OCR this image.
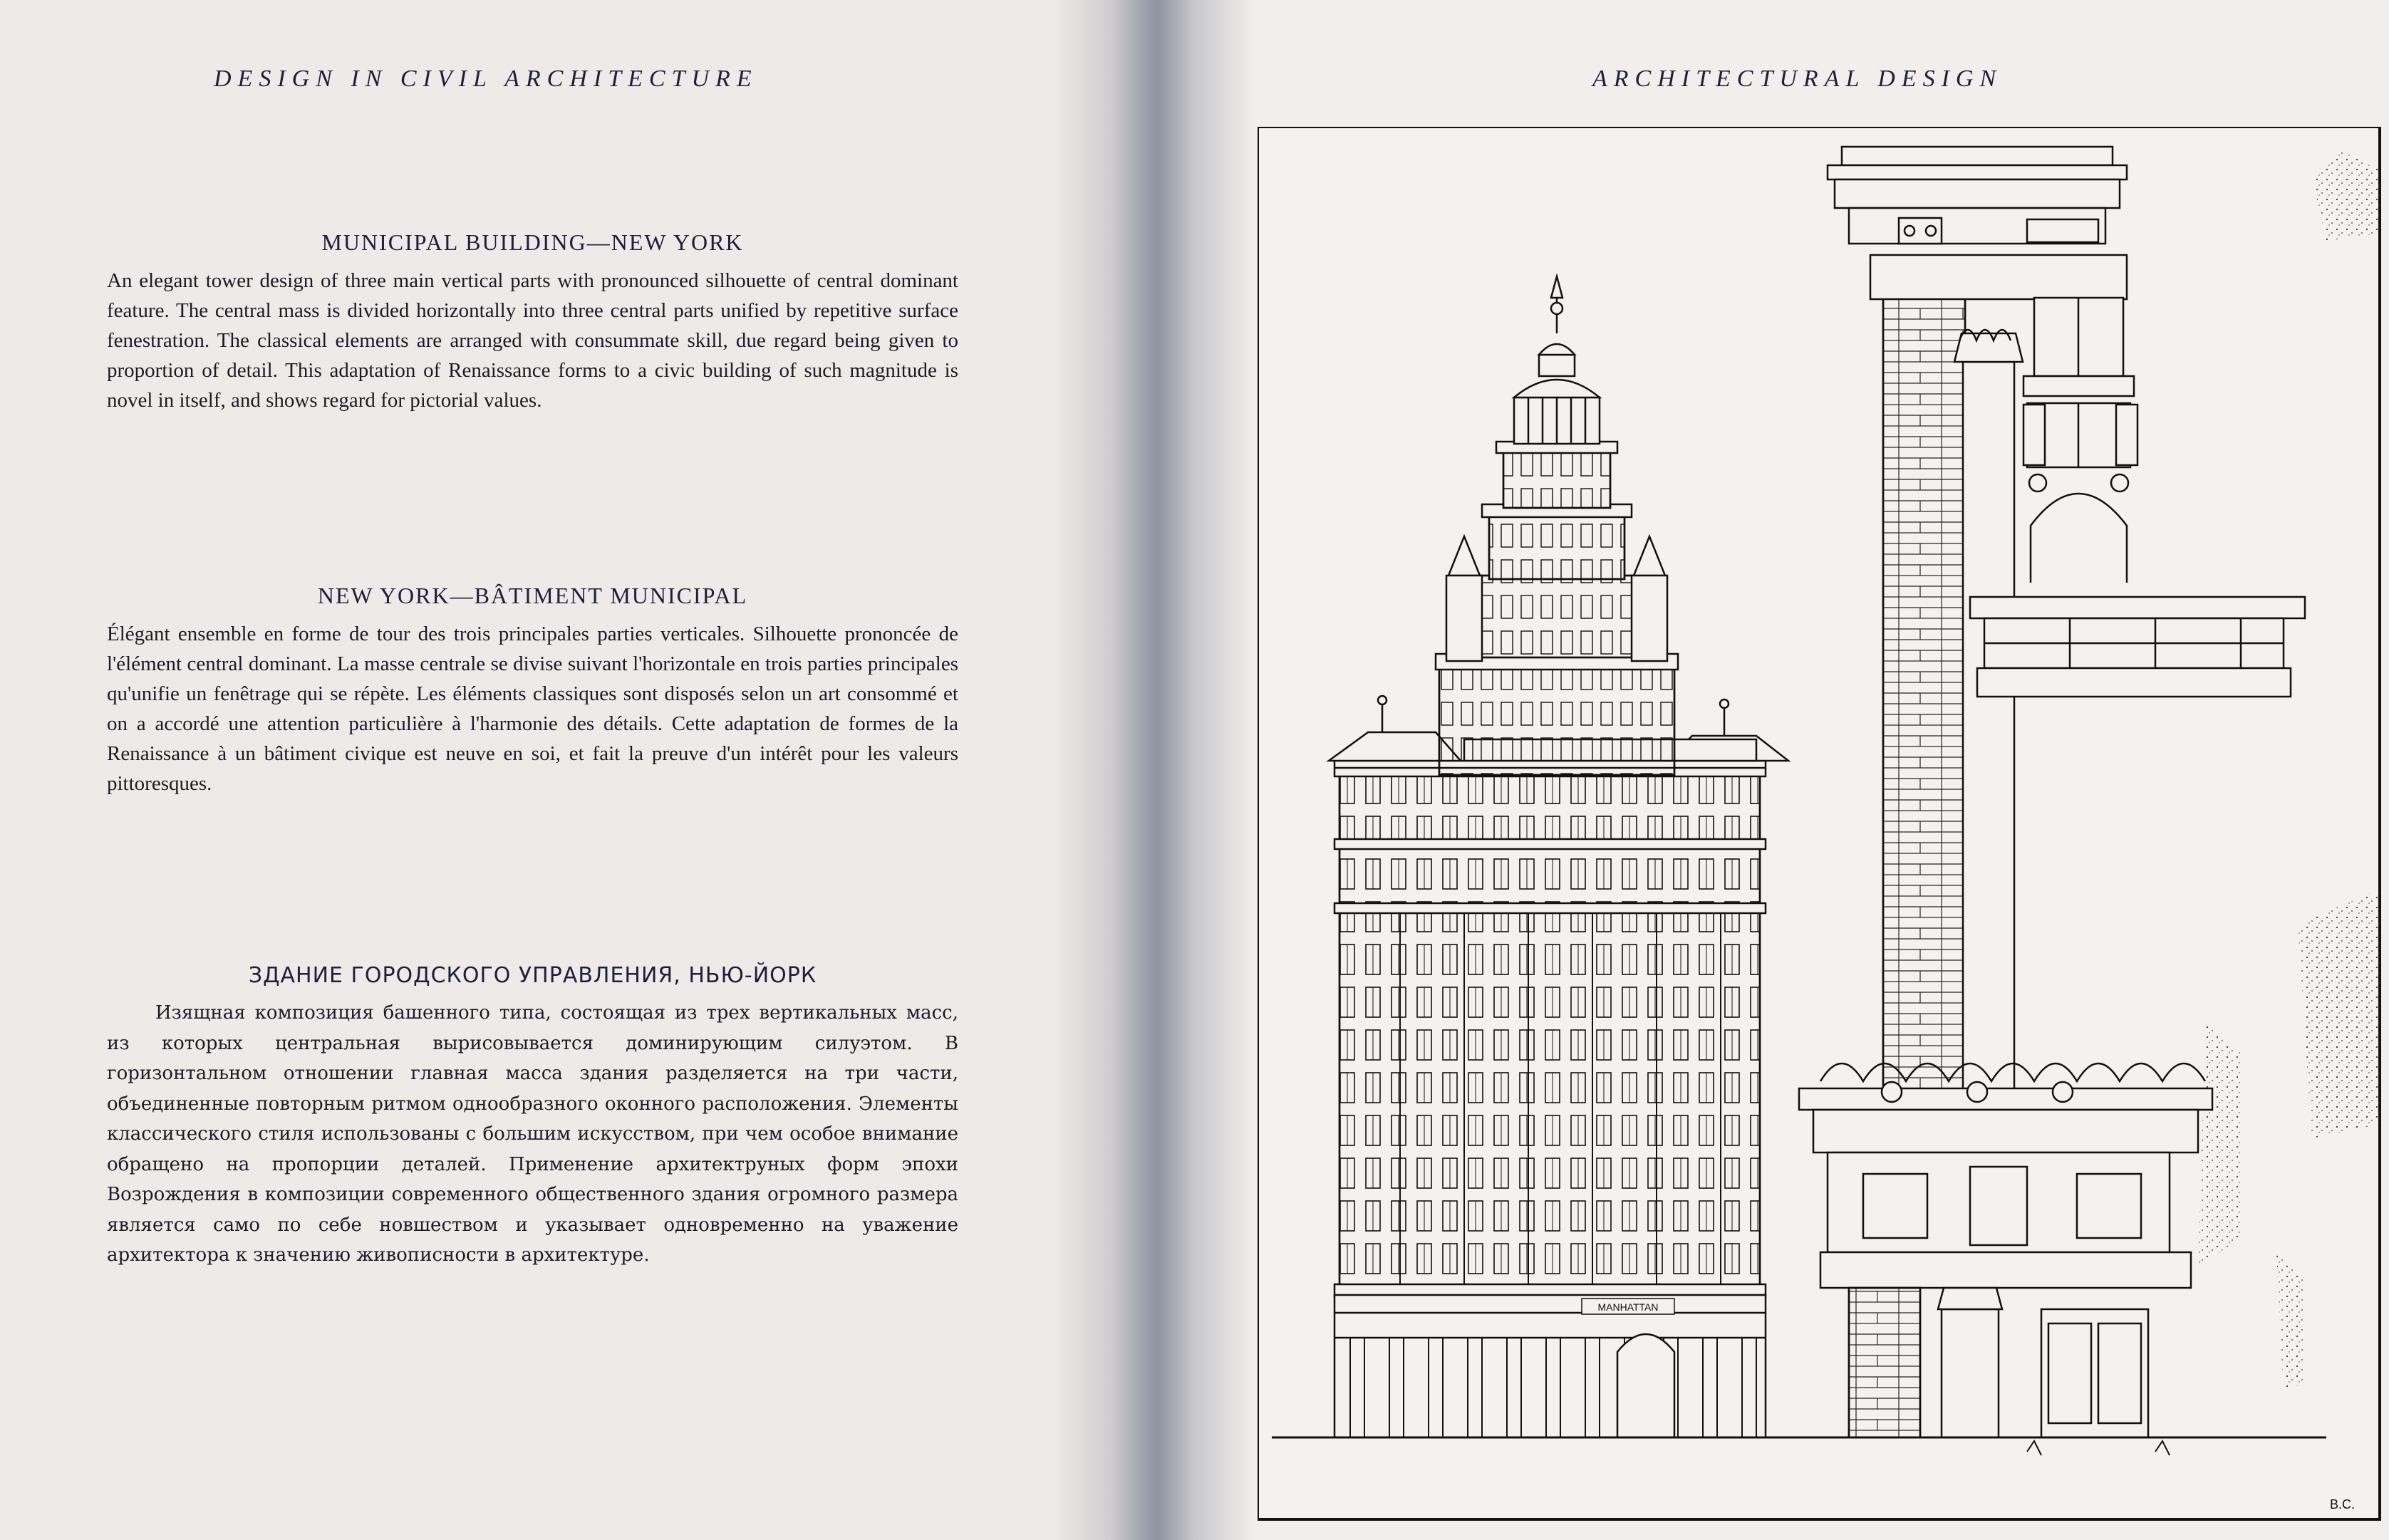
DESIGN IN CIVIL ARCHITECTURE
MUNICIPAL BUILDING—NEW YORK

An elegant tower design of three main vertical parts with pronounced silhouette of central dominant feature. The central mass is divided horizontally into three central parts unified by repetitive surface fenestration. The classical elements are arranged with consummate skill, due regard being given to proportion of detail. This adaptation of Renaissance forms to a civic building of such magnitude is novel in itself, and shows regard for pictorial values.

NEW YORK—BÂTIMENT MUNICIPAL

Élégant ensemble en forme de tour des trois principales parties verticales. Silhouette prononcée de l'élément central dominant. La masse centrale se divise suivant l'horizontale en trois parties principales qu'unifie un fenêtrage qui se répète. Les éléments classiques sont disposés selon un art consommé et on a accordé une attention particulière à l'harmonie des détails. Cette adaptation de formes de la Renaissance à un bâtiment civique est neuve en soi, et fait la preuve d'un intérêt pour les valeurs pittoresques.

ЗДАНИЕ ГОРОДСКОГО УПРАВЛЕНИЯ, НЬЮ-ЙОРК

Изящная композиция башенного типа, состоящая из трех вертикальных масс, из которых центральная вырисовывается доминирующим силуэтом. В горизонтальном отношении главная масса здания разделяется на три части, объединенные повторным ритмом однообразного оконного расположения. Элементы классического стиля использованы с большим искусством, при чем особое внимание обращено на пропорции деталей. Применение архитектруных форм эпохи Возрождения в композиции современного общественного здания огромного размера является само по себе новшеством и указывает одновременно на уважение архитектора к значению живописности в архитектуре.

ARCHITECTURAL DESIGN
MANHATTAN
B.C.
